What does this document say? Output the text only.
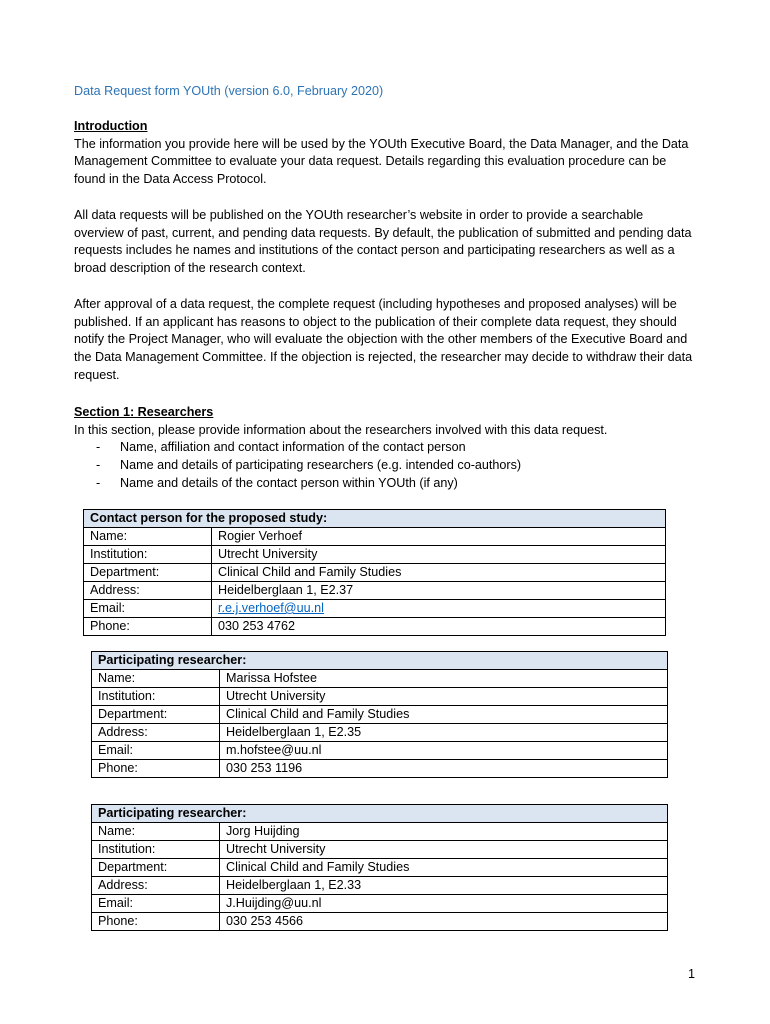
Data Request form YOUth (version 6.0, February 2020)
Introduction

The information you provide here will be used by the YOUth Executive Board, the Data Manager, and the Data Management Committee to evaluate your data request. Details regarding this evaluation procedure can be found in the Data Access Protocol.

All data requests will be published on the YOUth researcher’s website in order to provide a searchable overview of past, current, and pending data requests. By default, the publication of submitted and pending data requests includes he names and institutions of the contact person and participating researchers as well as a broad description of the research context.

After approval of a data request, the complete request (including hypotheses and proposed analyses) will be published. If an applicant has reasons to object to the publication of their complete data request, they should notify the Project Manager, who will evaluate the objection with the other members of the Executive Board and the Data Management Committee. If the objection is rejected, the researcher may decide to withdraw their data request.

Section 1: Researchers

In this section, please provide information about the researchers involved with this data request.

- Name, affiliation and contact information of the contact person
- Name and details of participating researchers (e.g. intended co-authors)
- Name and details of the contact person within YOUth (if any)
Contact person for the proposed study:	
Name:	Rogier Verhoef
Institution:	Utrecht University
Department:	Clinical Child and Family Studies
Address:	Heidelberglaan 1, E2.37
Email:	r.e.j.verhoef@uu.nl
Phone:	030 253 4762
Participating researcher:	
Name:	Marissa Hofstee
Institution:	Utrecht University
Department:	Clinical Child and Family Studies
Address:	Heidelberglaan 1, E2.35
Email:	m.hofstee@uu.nl
Phone:	030 253 1196
Participating researcher:	
Name:	Jorg Huijding
Institution:	Utrecht University
Department:	Clinical Child and Family Studies
Address:	Heidelberglaan 1, E2.33
Email:	J.Huijding@uu.nl
Phone:	030 253 4566
1
